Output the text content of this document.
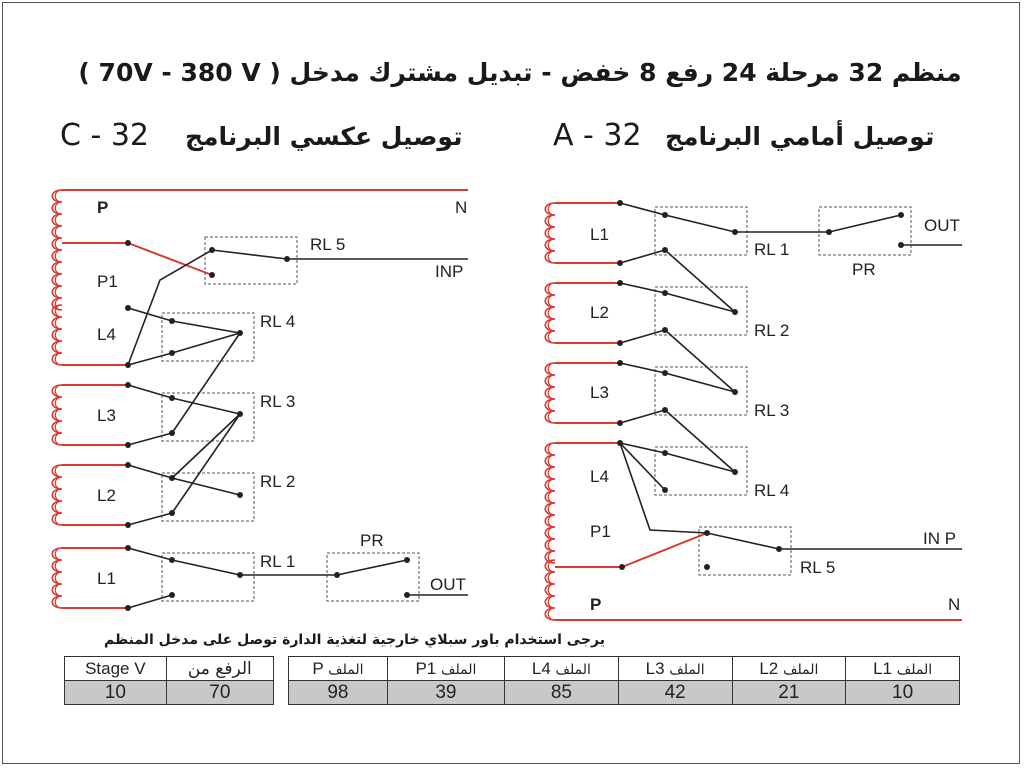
منظم 32 مرحلة 24 رفع 8 خفض - تبديل مشترك مدخل ( 70V - 380 V )
توصيل عكسي البرنامج
C - 32	توصيل أمامي البرنامج
A - 32
P	N
P1
L4
L3
L2
L1
RL 5
RL 4
RL 3
RL 2
RL 1
PR
INP
OUT
L1
L2
L3
L4
P1
RL 1
RL 2
RL 3
RL 4
RL 5
PR
OUT
IN P
P	N
يرجى استخدام باور سبلاي خارجية لتغذية الدارة توصل على مدخل المنظم
Stage V	الرفع من
10	70
P الملف	P1 الملف	L4 الملف	L3 الملف	L2 الملف	L1 الملف
98	39	85	42	21	10
